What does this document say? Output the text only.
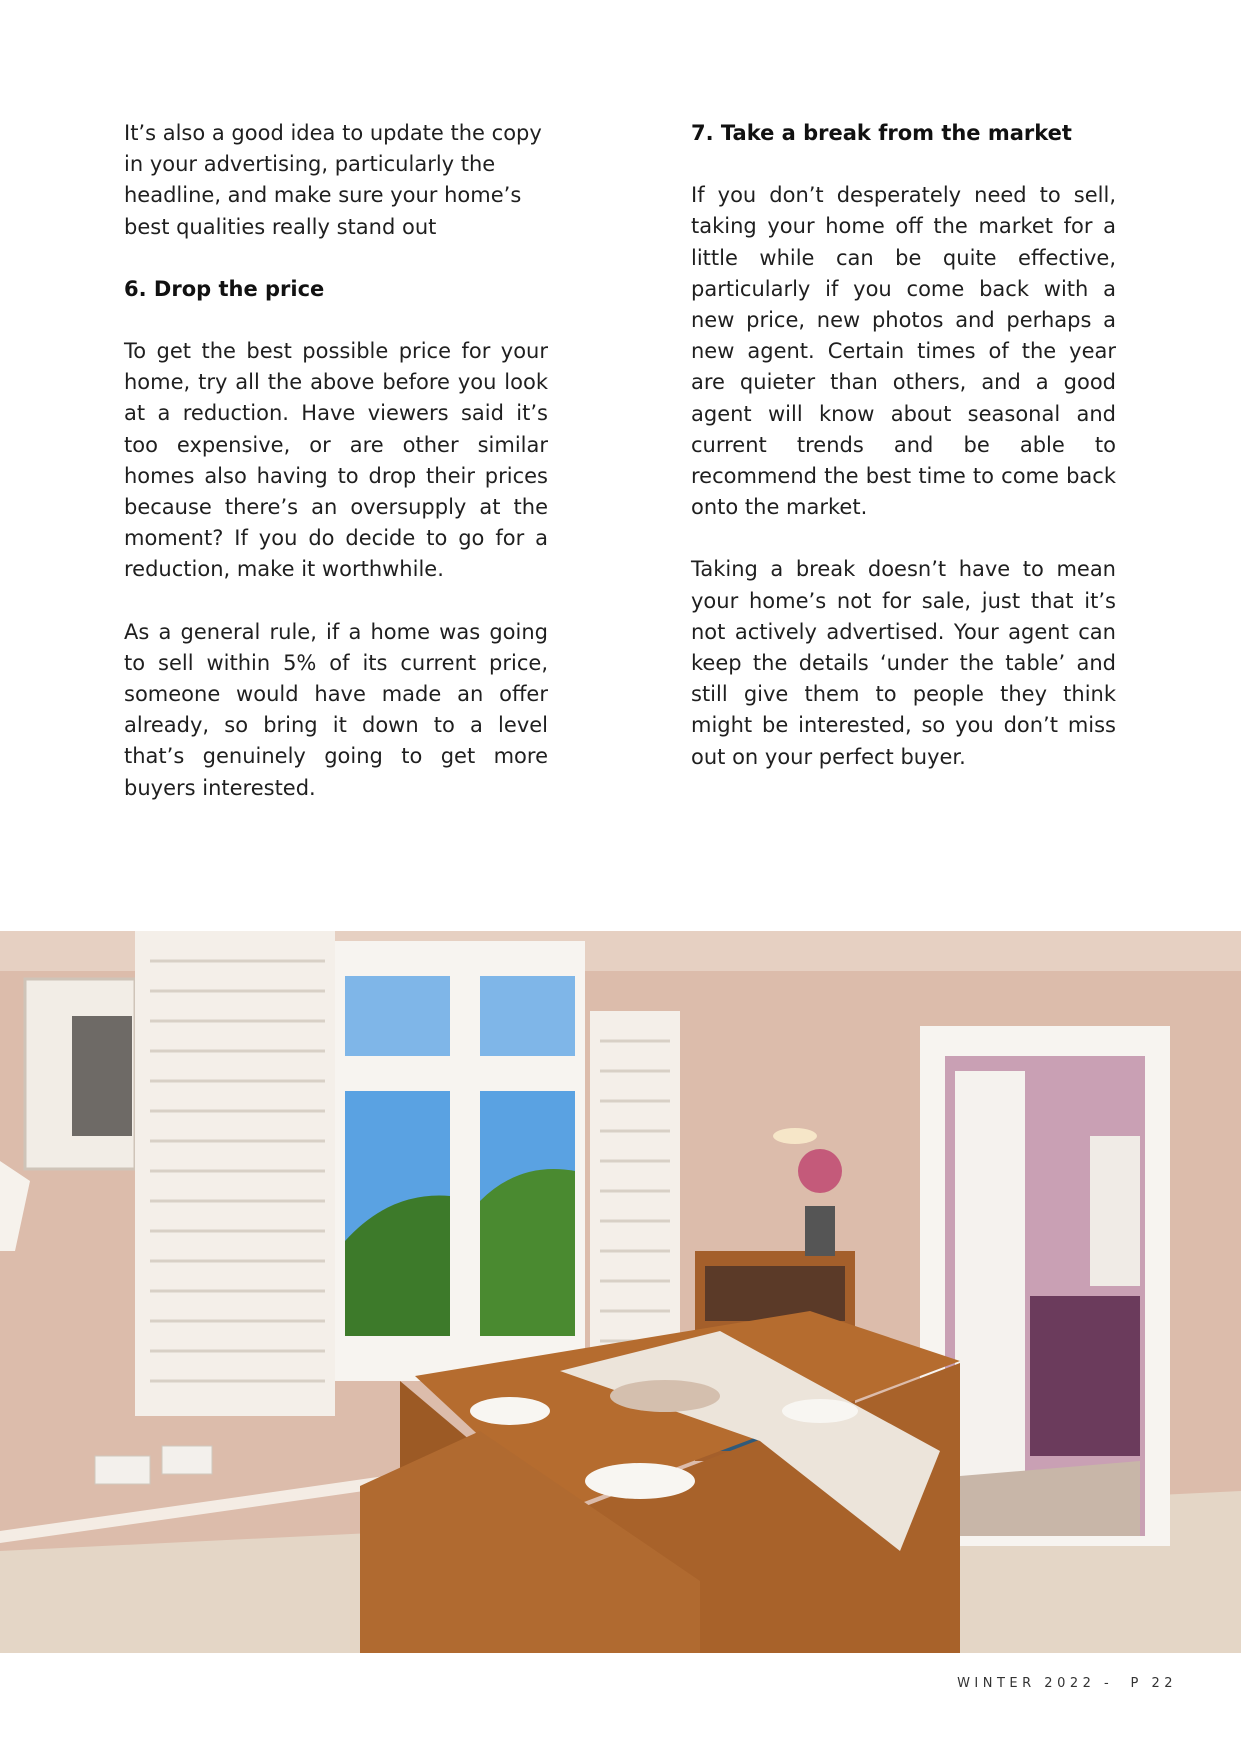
It’s also a good idea to update the copy in your advertising, particularly the headline, and make sure your home’s best qualities really stand out

6. Drop the price

To get the best possible price for your home, try all the above before you look at a reduction. Have viewers said it’s too expensive, or are other similar homes also having to drop their prices because there’s an oversupply at the moment? If you do decide to go for a reduction, make it worthwhile.

As a general rule, if a home was going to sell within 5% of its current price, someone would have made an offer already, so bring it down to a level that’s genuinely going to get more buyers interested.

7. Take a break from the market

If you don’t desperately need to sell, taking your home off the market for a little while can be quite effective, particularly if you come back with a new price, new photos and perhaps a new agent. Certain times of the year are quieter than others, and a good agent will know about seasonal and current trends and be able to recommend the best time to come back onto the market.

Taking a break doesn’t have to mean your home’s not for sale, just that it’s not actively advertised. Your agent can keep the details ‘under the table’ and still give them to people they think might be interested, so you don’t miss out on your perfect buyer.

WINTER 2022 - P 22
